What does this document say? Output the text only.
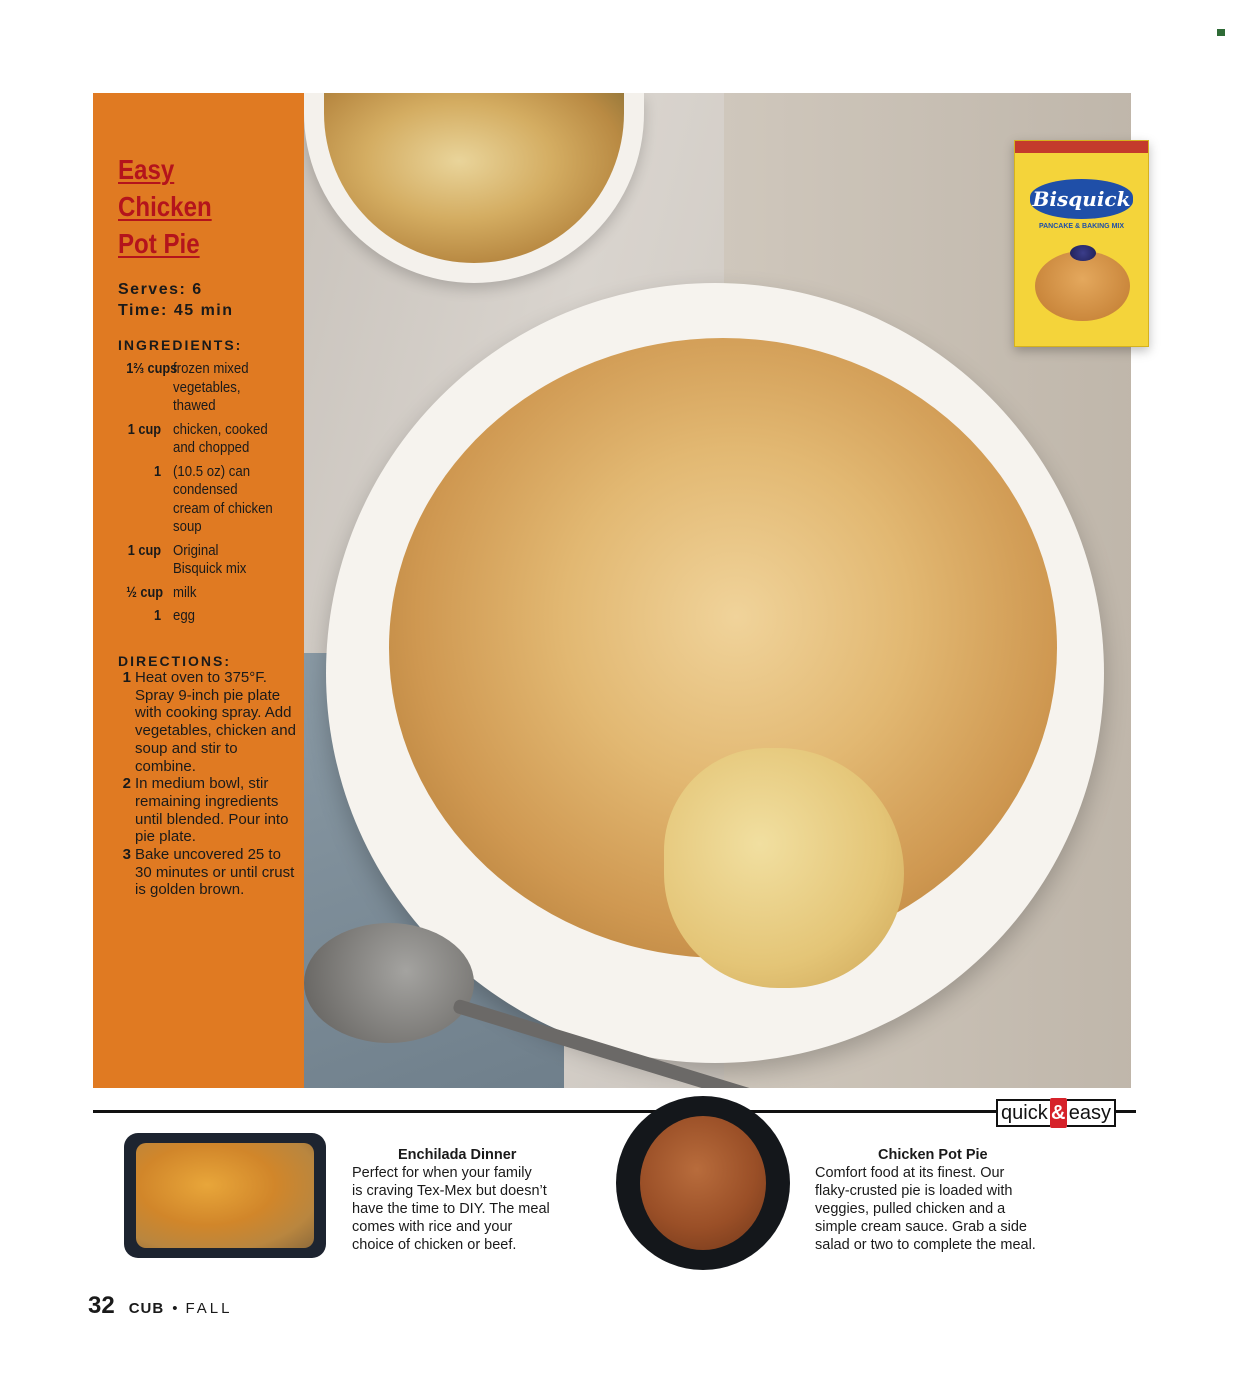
Easy
Chicken
Pot Pie
Serves: 6
Time: 45 min
INGREDIENTS:
1⅔ cups
frozen mixed
vegetables,
thawed
1 cup chicken, cooked
and chopped
1 (10.5 oz) can
condensed
cream of chicken
soup
1 cup Original
Bisquick mix
½ cup milk
1 egg
DIRECTIONS:

1 Heat oven to 375°F. Spray 9-inch pie plate with cooking spray. Add vegetables, chicken and soup and stir to combine.

2 In medium bowl, stir remaining ingredients until blended. Pour into pie plate.

3 Bake uncovered 25 to 30 minutes or until crust is golden brown.

Bisquick
PANCAKE & BAKING MIX
quick & easy
Enchilada Dinner

Perfect for when your family
is craving Tex-Mex but doesn’t
have the time to DIY. The meal
comes with rice and your
choice of chicken or beef.

Chicken Pot Pie

Comfort food at its finest. Our
flaky-crusted pie is loaded with
veggies, pulled chicken and a
simple cream sauce. Grab a side
salad or two to complete the meal.

32 CUB • FALL
